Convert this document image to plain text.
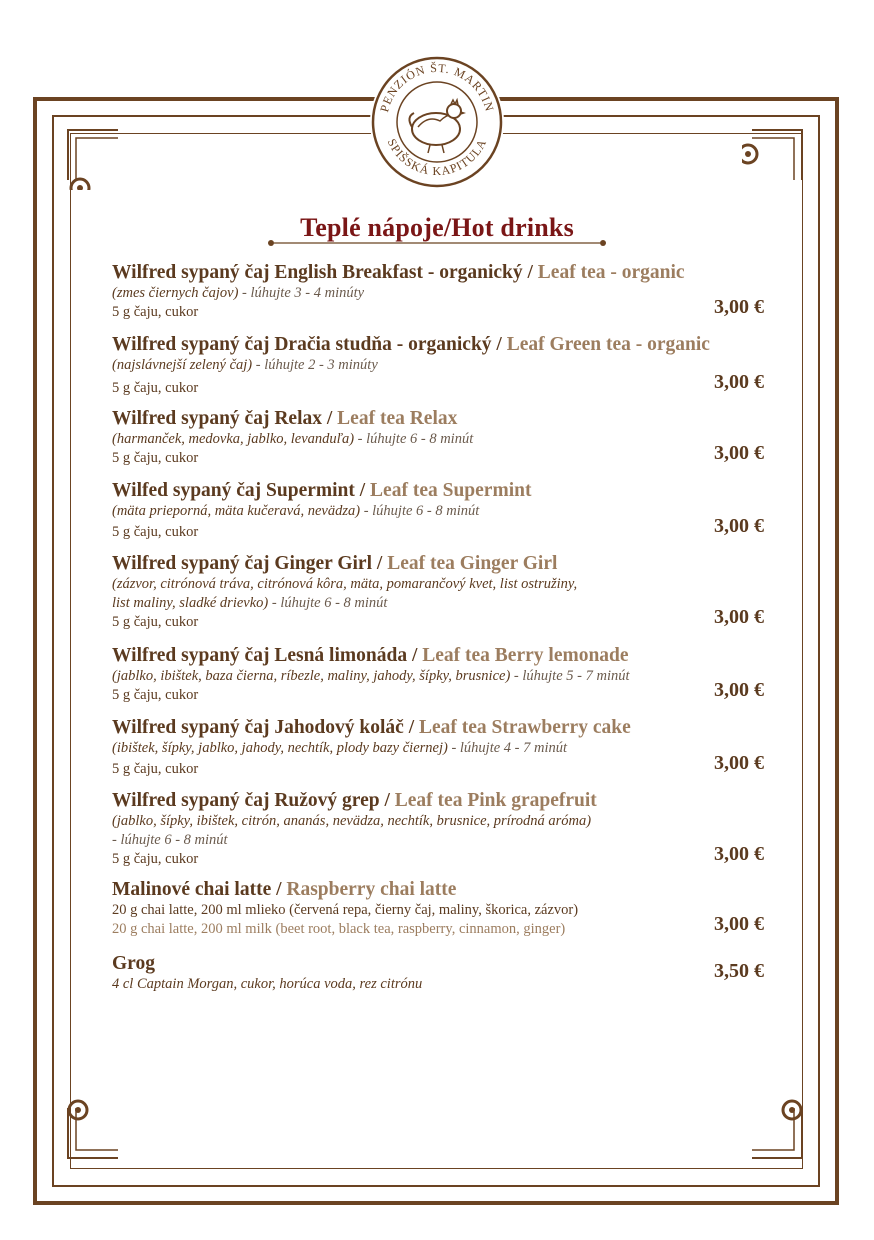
PENZIÓN ŠT. MARTIN
SPIŠSKÁ KAPITULA
Teplé nápoje/Hot drinks
Wilfred sypaný čaj English Breakfast - organický / Leaf tea - organic
(zmes čiernych čajov) - lúhujte 3 - 4 minúty
5 g čaju, cukor	3,00 €
Wilfred sypaný čaj Dračia studňa - organický / Leaf Green tea - organic
(najslávnejší zelený čaj) - lúhujte 2 - 3 minúty
5 g čaju, cukor	3,00 €
Wilfred sypaný čaj Relax / Leaf tea Relax
(harmanček, medovka, jablko, levanduľa) - lúhujte 6 - 8 minút
5 g čaju, cukor	3,00 €
Wilfed sypaný čaj Supermint / Leaf tea Supermint
(mäta prieporná, mäta kučeravá, nevädza) - lúhujte 6 - 8 minút
5 g čaju, cukor	3,00 €
Wilfred sypaný čaj Ginger Girl / Leaf tea Ginger Girl
(zázvor, citrónová tráva, citrónová kôra, mäta, pomarančový kvet, list ostružiny,
list maliny, sladké drievko) - lúhujte 6 - 8 minút
5 g čaju, cukor	3,00 €
Wilfred sypaný čaj Lesná limonáda / Leaf tea Berry lemonade
(jablko, ibištek, baza čierna, ríbezle, maliny, jahody, šípky, brusnice) - lúhujte 5 - 7 minút
5 g čaju, cukor	3,00 €
Wilfred sypaný čaj Jahodový koláč / Leaf tea Strawberry cake
(ibištek, šípky, jablko, jahody, nechtík, plody bazy čiernej) - lúhujte 4 - 7 minút
5 g čaju, cukor	3,00 €
Wilfred sypaný čaj Ružový grep / Leaf tea Pink grapefruit
(jablko, šípky, ibištek, citrón, ananás, nevädza, nechtík, brusnice, prírodná aróma)
- lúhujte 6 - 8 minút
5 g čaju, cukor	3,00 €
Malinové chai latte / Raspberry chai latte
20 g chai latte, 200 ml mlieko (červená repa, čierny čaj, maliny, škorica, zázvor)
20 g chai latte, 200 ml milk (beet root, black tea, raspberry, cinnamon, ginger)	3,00 €
Grog
4 cl Captain Morgan, cukor, horúca voda, rez citrónu
3,50 €
